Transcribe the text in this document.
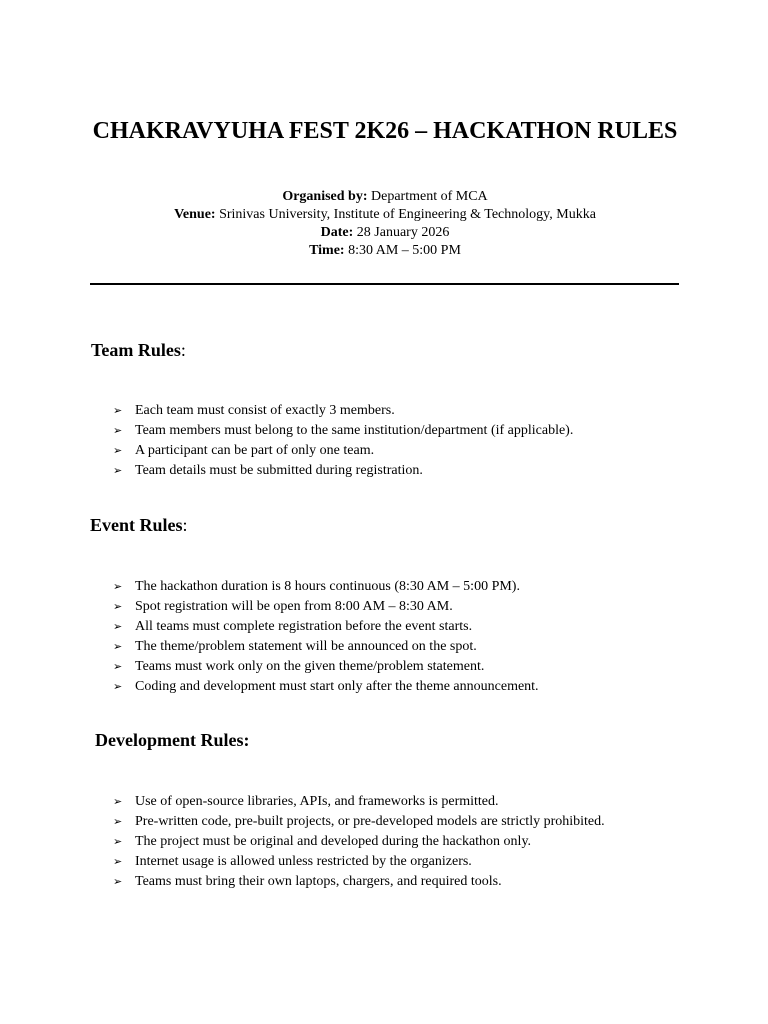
CHAKRAVYUHA FEST 2K26 – HACKATHON RULES
Organised by: Department of MCA
Venue: Srinivas University, Institute of Engineering & Technology, Mukka
Date: 28 January 2026
Time: 8:30 AM – 5:00 PM
Team Rules:
➢ Each team must consist of exactly 3 members.
➢ Team members must belong to the same institution/department (if applicable).
➢ A participant can be part of only one team.
➢ Team details must be submitted during registration.
Event Rules:
➢ The hackathon duration is 8 hours continuous (8:30 AM – 5:00 PM).
➢ Spot registration will be open from 8:00 AM – 8:30 AM.
➢ All teams must complete registration before the event starts.
➢ The theme/problem statement will be announced on the spot.
➢ Teams must work only on the given theme/problem statement.
➢ Coding and development must start only after the theme announcement.
Development Rules:
➢ Use of open-source libraries, APIs, and frameworks is permitted.
➢ Pre-written code, pre-built projects, or pre-developed models are strictly prohibited.
➢ The project must be original and developed during the hackathon only.
➢ Internet usage is allowed unless restricted by the organizers.
➢ Teams must bring their own laptops, chargers, and required tools.
